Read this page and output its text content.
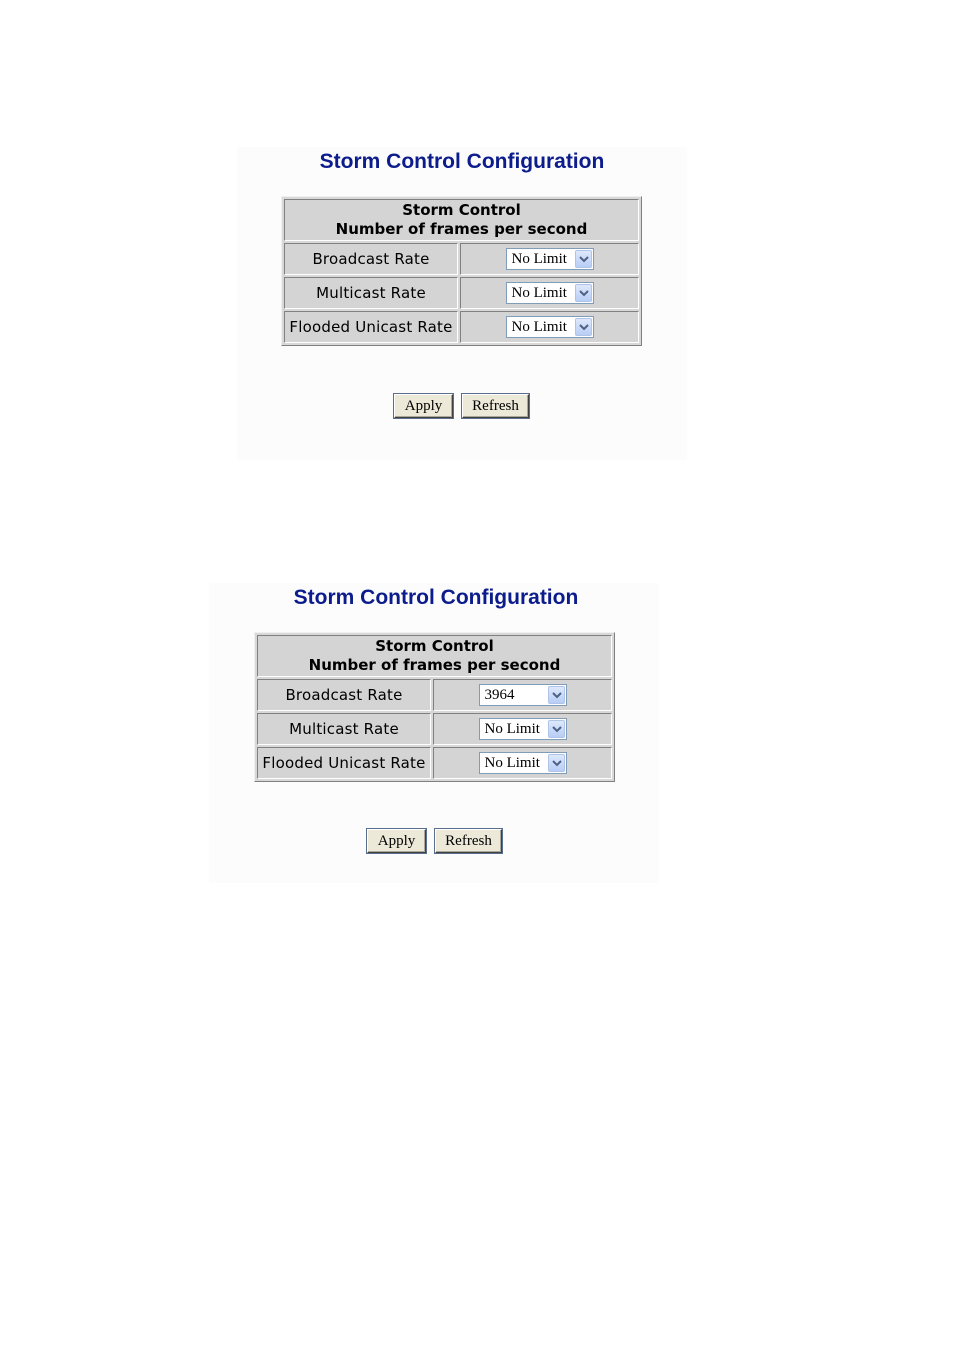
Storm Control Configuration
Storm Control
Number of frames per second	
Broadcast Rate	No Limit

Multicast Rate	No Limit

Flooded Unicast Rate	No Limit
Apply	Refresh
Storm Control Configuration
Storm Control
Number of frames per second	
Broadcast Rate	3964

Multicast Rate	No Limit

Flooded Unicast Rate	No Limit
Apply	Refresh
